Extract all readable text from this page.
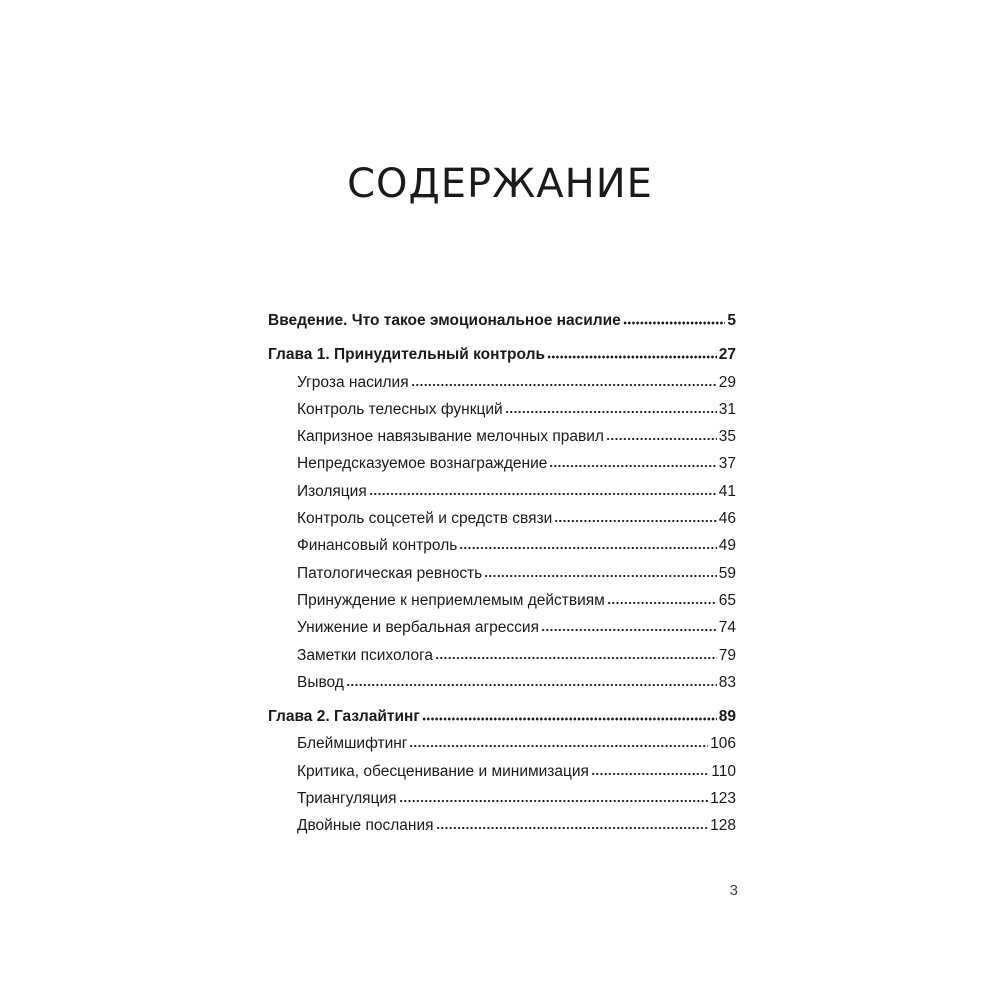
СОДЕРЖАНИЕ
Введение. Что такое эмоциональное насилие	5
Глава 1. Принудительный контроль	27
Угроза насилия	29
Контроль телесных функций	31
Капризное навязывание мелочных правил	35
Непредсказуемое вознаграждение	37
Изоляция	41
Контроль соцсетей и средств связи	46
Финансовый контроль	49
Патологическая ревность	59
Принуждение к неприемлемым действиям	65
Унижение и вербальная агрессия	74
Заметки психолога	79
Вывод	83
Глава 2. Газлайтинг	89
Блеймшифтинг	106
Критика, обесценивание и минимизация	110
Триангуляция	123
Двойные послания	128
3
